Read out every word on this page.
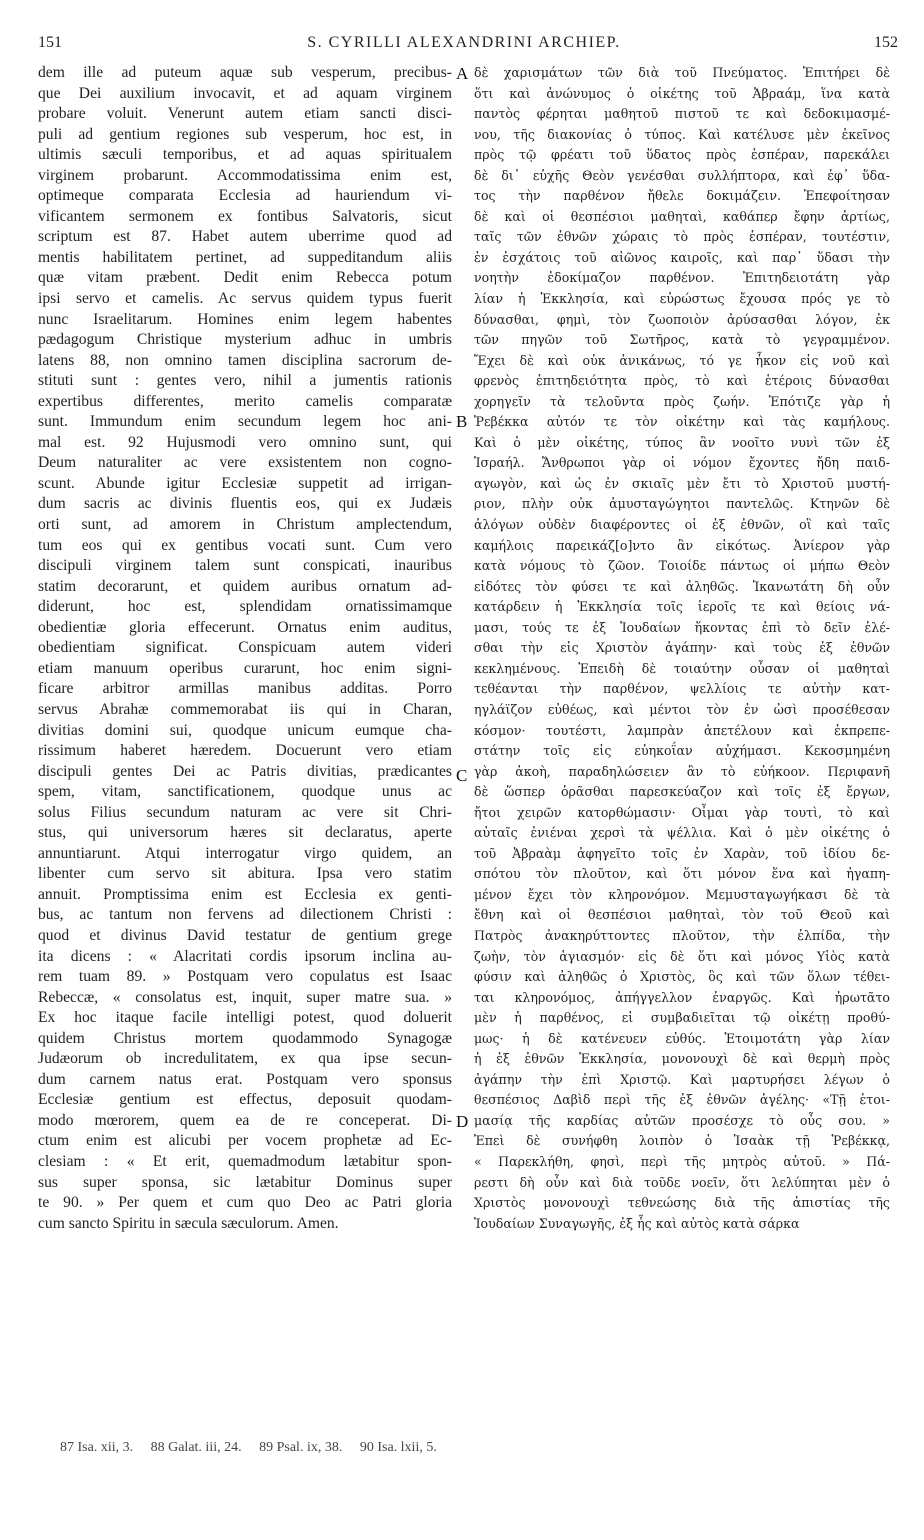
151	S. CYRILLI ALEXANDRINI ARCHIEP.	152
dem ille ad puteum aquæ sub vesperum, precibus-
que Dei auxilium invocavit, et ad aquam virginem
probare voluit. Venerunt autem etiam sancti disci-
puli ad gentium regiones sub vesperum, hoc est, in
ultimis sæculi temporibus, et ad aquas spiritualem
virginem probarunt. Accommodatissima enim est,
optimeque comparata Ecclesia ad hauriendum vi-
vificantem sermonem ex fontibus Salvatoris, sicut
scriptum est 87. Habet autem uberrime quod ad
mentis habilitatem pertinet, ad suppeditandum aliis
quæ vitam præbent. Dedit enim Rebecca potum
ipsi servo et camelis. Ac servus quidem typus fuerit
nunc Israelitarum. Homines enim legem habentes
pædagogum Christique mysterium adhuc in umbris
latens 88, non omnino tamen disciplina sacrorum de-
stituti sunt : gentes vero, nihil a jumentis rationis
expertibus differentes, merito camelis comparatæ
sunt. Immundum enim secundum legem hoc ani-
mal est. 92 Hujusmodi vero omnino sunt, qui
Deum naturaliter ac vere exsistentem non cogno-
scunt. Abunde igitur Ecclesiæ suppetit ad irrigan-
dum sacris ac divinis fluentis eos, qui ex Judæis
orti sunt, ad amorem in Christum amplectendum,
tum eos qui ex gentibus vocati sunt. Cum vero
discipuli virginem talem sunt conspicati, inauribus
statim decorarunt, et quidem auribus ornatum ad-
diderunt, hoc est, splendidam ornatissimamque
obedientiæ gloria effecerunt. Ornatus enim auditus,
obedientiam significat. Conspicuam autem videri
etiam manuum operibus curarunt, hoc enim signi-
ficare arbitror armillas manibus additas. Porro
servus Abrahæ commemorabat iis qui in Charan,
divitias domini sui, quodque unicum eumque cha-
rissimum haberet hæredem. Docuerunt vero etiam
discipuli gentes Dei ac Patris divitias, prædicantes
spem, vitam, sanctificationem, quodque unus ac
solus Filius secundum naturam ac vere sit Chri-
stus, qui universorum hæres sit declaratus, aperte
annuntiarunt. Atqui interrogatur virgo quidem, an
libenter cum servo sit abitura. Ipsa vero statim
annuit. Promptissima enim est Ecclesia ex genti-
bus, ac tantum non fervens ad dilectionem Christi :
quod et divinus David testatur de gentium grege
ita dicens : « Alacritati cordis ipsorum inclina au-
rem tuam 89. » Postquam vero copulatus est Isaac
Rebeccæ, « consolatus est, inquit, super matre sua. »
Ex hoc itaque facile intelligi potest, quod doluerit
quidem Christus mortem quodammodo Synagogæ
Judæorum ob incredulitatem, ex qua ipse secun-
dum carnem natus erat. Postquam vero sponsus
Ecclesiæ gentium est effectus, deposuit quodam-
modo mœrorem, quem ea de re conceperat. Di-
ctum enim est alicubi per vocem prophetæ ad Ec-
clesiam : « Et erit, quemadmodum lætabitur spon-
sus super sponsa, sic lætabitur Dominus super
te 90. » Per quem et cum quo Deo ac Patri gloria
cum sancto Spiritu in sæcula sæculorum. Amen.
δὲ χαρισμάτων τῶν διὰ τοῦ Πνεύματος. Ἐπιτήρει δὲ
ὅτι καὶ ἀνώνυμος ὁ οἰκέτης τοῦ Ἀβραάμ, ἵνα κατὰ
παντὸς φέρηται μαθητοῦ πιστοῦ τε καὶ δεδοκιμασμέ-
νου, τῆς διακονίας ὁ τύπος. Καὶ κατέλυσε μὲν ἐκεῖνος
πρὸς τῷ φρέατι τοῦ ὕδατος πρὸς ἑσπέραν, παρεκάλει
δὲ δι᾽ εὐχῆς Θεὸν γενέσθαι συλλήπτορα, καὶ ἐφ᾽ ὕδα-
τος τὴν παρθένον ἤθελε δοκιμάζειν. Ἐπεφοίτησαν
δὲ καὶ οἱ θεσπέσιοι μαθηταὶ, καθάπερ ἔφην ἀρτίως,
ταῖς τῶν ἐθνῶν χώραις τὸ πρὸς ἑσπέραν, τουτέστιν,
ἐν ἐσχάτοις τοῦ αἰῶνος καιροῖς, καὶ παρ᾽ ὕδασι τὴν
νοητὴν ἐδοκίμαζον παρθένον. Ἐπιτηδειοτάτη γὰρ
λίαν ἡ Ἐκκλησία, καὶ εὐρώστως ἔχουσα πρός γε τὸ
δύνασθαι, φημὶ, τὸν ζωοποιὸν ἀρύσασθαι λόγον, ἐκ
τῶν πηγῶν τοῦ Σωτῆρος, κατὰ τὸ γεγραμμένον.
Ἔχει δὲ καὶ οὐκ ἀνικάνως, τό γε ἧκον εἰς νοῦ καὶ
φρενὸς ἐπιτηδειότητα πρὸς, τὸ καὶ ἑτέροις δύνασθαι
χορηγεῖν τὰ τελοῦντα πρὸς ζωήν. Ἐπότιζε γὰρ ἡ
Ῥεβέκκα αὐτόν τε τὸν οἰκέτην καὶ τὰς καμήλους.
Καὶ ὁ μὲν οἰκέτης, τύπος ἂν νοοῖτο νυνὶ τῶν ἐξ
Ἰσραήλ. Ἄνθρωποι γὰρ οἱ νόμον ἔχοντες ἤδη παιδ-
αγωγὸν, καὶ ὡς ἐν σκιαῖς μὲν ἔτι τὸ Χριστοῦ μυστή-
ριον, πλὴν οὐκ ἀμυσταγώγητοι παντελῶς. Κτηνῶν δὲ
ἀλόγων οὐδὲν διαφέροντες οἱ ἐξ ἐθνῶν, οἳ καὶ ταῖς
καμήλοις παρεικάζ[ο]ντο ἂν εἰκότως. Ἀνίερον γὰρ
κατὰ νόμους τὸ ζῶον. Τοιοίδε πάντως οἱ μήπω Θεὸν
εἰδότες τὸν φύσει τε καὶ ἀληθῶς. Ἱκανωτάτη δὴ οὖν
κατάρδειν ἡ Ἐκκλησία τοῖς ἱεροῖς τε καὶ θείοις νά-
μασι, τούς τε ἐξ Ἰουδαίων ἥκοντας ἐπὶ τὸ δεῖν ἑλέ-
σθαι τὴν εἰς Χριστὸν ἀγάπην· καὶ τοὺς ἐξ ἐθνῶν
κεκλημένους. Ἐπειδὴ δὲ τοιαύτην οὖσαν οἱ μαθηταὶ
τεθέανται τὴν παρθένον, ψελλίοις τε αὐτὴν κατ-
ηγλάϊζον εὐθέως, καὶ μέντοι τὸν ἐν ὠσὶ προσέθεσαν
κόσμον· τουτέστι, λαμπρὰν ἀπετέλουν καὶ ἐκπρεπε-
στάτην τοῖς εἰς εὐηκοΐαν αὐχήμασι. Κεκοσμημένη
γὰρ ἀκοὴ, παραδηλώσειεν ἂν τὸ εὐήκοον. Περιφανῆ
δὲ ὥσπερ ὁρᾶσθαι παρεσκεύαζον καὶ τοῖς ἐξ ἔργων,
ἤτοι χειρῶν κατορθώμασιν· Οἶμαι γὰρ τουτὶ, τὸ καὶ
αὐταῖς ἐνιέναι χερσὶ τὰ ψέλλια. Καὶ ὁ μὲν οἰκέτης ὁ
τοῦ Ἀβραὰμ ἀφηγεῖτο τοῖς ἐν Χαρὰν, τοῦ ἰδίου δε-
σπότου τὸν πλοῦτον, καὶ ὅτι μόνον ἕνα καὶ ἠγαπη-
μένον ἔχει τὸν κληρονόμον. Μεμυσταγωγήκασι δὲ τὰ
ἔθνη καὶ οἱ θεσπέσιοι μαθηταὶ, τὸν τοῦ Θεοῦ καὶ
Πατρὸς ἀνακηρύττοντες πλοῦτον, τὴν ἐλπίδα, τὴν
ζωὴν, τὸν ἁγιασμόν· εἰς δὲ ὅτι καὶ μόνος Υἱὸς κατὰ
φύσιν καὶ ἀληθῶς ὁ Χριστὸς, ὃς καὶ τῶν ὅλων τέθει-
ται κληρονόμος, ἀπήγγελλον ἐναργῶς. Καὶ ἠρωτᾶτο
μὲν ἡ παρθένος, εἰ συμβαδιεῖται τῷ οἰκέτῃ προθύ-
μως· ἡ δὲ κατένευεν εὐθύς. Ἑτοιμοτάτη γὰρ λίαν
ἡ ἐξ ἐθνῶν Ἐκκλησία, μονονουχὶ δὲ καὶ θερμὴ πρὸς
ἀγάπην τὴν ἐπὶ Χριστῷ. Καὶ μαρτυρήσει λέγων ὁ
θεσπέσιος Δαβὶδ περὶ τῆς ἐξ ἐθνῶν ἀγέλης· «Τῇ ἑτοι-
μασίᾳ τῆς καρδίας αὐτῶν προσέσχε τὸ οὖς σου. »
Ἐπεὶ δὲ συνήφθη λοιπὸν ὁ Ἰσαὰκ τῇ Ῥεβέκκᾳ,
« Παρεκλήθη, φησὶ, περὶ τῆς μητρὸς αὐτοῦ. » Πά-
ρεστι δὴ οὖν καὶ διὰ τοῦδε νοεῖν, ὅτι λελύπηται μὲν ὁ
Χριστὸς μονονουχὶ τεθνεώσης διὰ τῆς ἀπιστίας τῆς
Ἰουδαίων Συναγωγῆς, ἐξ ἧς καὶ αὐτὸς κατὰ σάρκα
A
B
C
D
87 Isa. xii, 3. 88 Galat. iii, 24. 89 Psal. ix, 38. 90 Isa. lxii, 5.
